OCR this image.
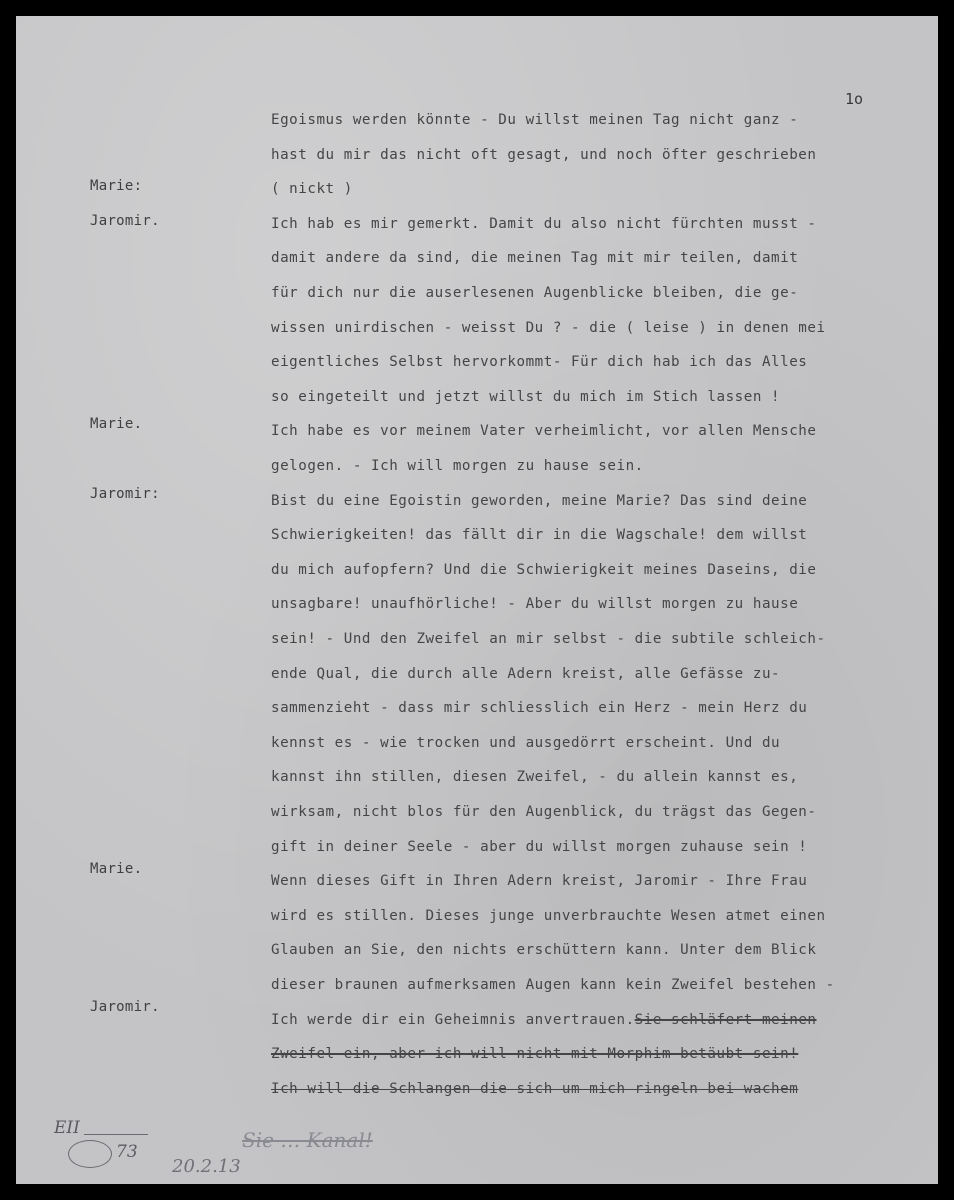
1o
Marie:
Jaromir.
Marie.
Jaromir:
Marie.
Jaromir.
Egoismus werden könnte - Du willst meinen Tag nicht ganz -
hast du mir das nicht oft gesagt, und noch öfter geschrieben
( nickt )
Ich hab es mir gemerkt. Damit du also nicht fürchten musst -
damit andere da sind, die meinen Tag mit mir teilen, damit
für dich nur die auserlesenen Augenblicke bleiben, die ge-
wissen unirdischen - weisst Du ? - die ( leise ) in denen mei
eigentliches Selbst hervorkommt- Für dich hab ich das Alles
so eingeteilt und jetzt willst du mich im Stich lassen !
Ich habe es vor meinem Vater verheimlicht, vor allen Mensche
gelogen. - Ich will morgen zu hause sein.
Bist du eine Egoistin geworden, meine Marie? Das sind deine
Schwierigkeiten! das fällt dir in die Wagschale! dem willst
du mich aufopfern? Und die Schwierigkeit meines Daseins, die
unsagbare! unaufhörliche! - Aber du willst morgen zu hause
sein! - Und den Zweifel an mir selbst - die subtile schleich-
ende Qual, die durch alle Adern kreist, alle Gefässe zu-
sammenzieht - dass mir schliesslich ein Herz - mein Herz du
kennst es - wie trocken und ausgedörrt erscheint. Und du
kannst ihn stillen, diesen Zweifel, - du allein kannst es,
wirksam, nicht blos für den Augenblick, du trägst das Gegen-
gift in deiner Seele - aber du willst morgen zuhause sein !
Wenn dieses Gift in Ihren Adern kreist, Jaromir - Ihre Frau
wird es stillen. Dieses junge unverbrauchte Wesen atmet einen
Glauben an Sie, den nichts erschüttern kann. Unter dem Blick
dieser braunen aufmerksamen Augen kann kein Zweifel bestehen -
Ich werde dir ein Geheimnis anvertrauen.Sie schläfert meinen
Zweifel ein, aber ich will nicht mit Morphim betäubt sein!
Ich will die Schlangen die sich um mich ringeln bei wachem
EII
73
20.2.13
Sie … Kanal!
